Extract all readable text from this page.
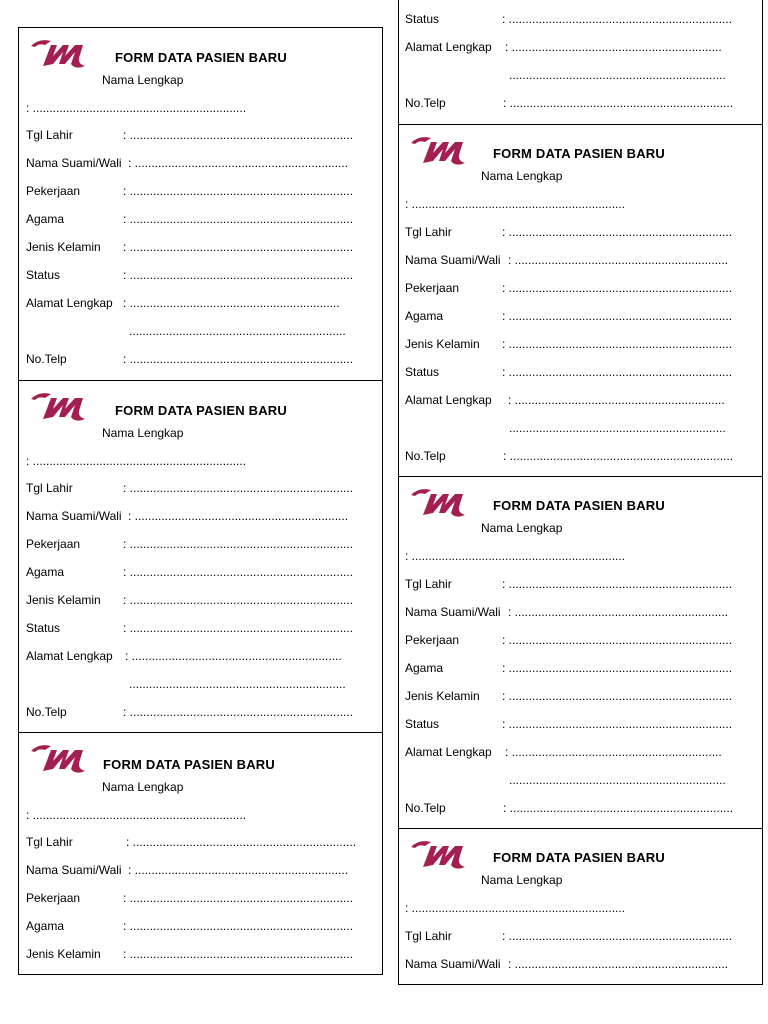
FORM DATA PASIEN BARU
Nama Lengkap
: ................................................................
Tgl Lahir	: ...................................................................
Nama Suami/Wali : ................................................................
Pekerjaan	: ...................................................................
Agama	: ...................................................................
Jenis Kelamin : ...................................................................
Status	: ...................................................................
Alamat Lengkap : ...............................................................
.................................................................
No.Telp	: ...................................................................
FORM DATA PASIEN BARU
Nama Lengkap
: ................................................................
Tgl Lahir	: ...................................................................
Nama Suami/Wali : ................................................................
Pekerjaan	: ...................................................................
Agama	: ...................................................................
Jenis Kelamin : ...................................................................
Status	: ...................................................................
Alamat Lengkap : ...............................................................
.................................................................
No.Telp	: ...................................................................
FORM DATA PASIEN BARU
Nama Lengkap
: ................................................................
Tgl Lahir	: ...................................................................
Nama Suami/Wali : ................................................................
Pekerjaan	: ...................................................................
Agama	: ...................................................................
Jenis Kelamin : ...................................................................
Status	: ...................................................................
Alamat Lengkap : ...............................................................
.................................................................
No.Telp	: ...................................................................
FORM DATA PASIEN BARU
Nama Lengkap
: ................................................................
Tgl Lahir	: ...................................................................
Nama Suami/Wali : ................................................................
Pekerjaan	: ...................................................................
Agama	: ...................................................................
Jenis Kelamin : ...................................................................
Status	: ...................................................................
Alamat Lengkap : ...............................................................
.................................................................
No.Telp	: ...................................................................
FORM DATA PASIEN BARU
Nama Lengkap
: ................................................................
Tgl Lahir	: ...................................................................
Nama Suami/Wali : ................................................................
Pekerjaan	: ...................................................................
Agama	: ...................................................................
Jenis Kelamin : ...................................................................
Status	: ...................................................................
Alamat Lengkap : ...............................................................
.................................................................
No.Telp	: ...................................................................
FORM DATA PASIEN BARU
Nama Lengkap
: ................................................................
Tgl Lahir	: ...................................................................
Nama Suami/Wali : ................................................................
